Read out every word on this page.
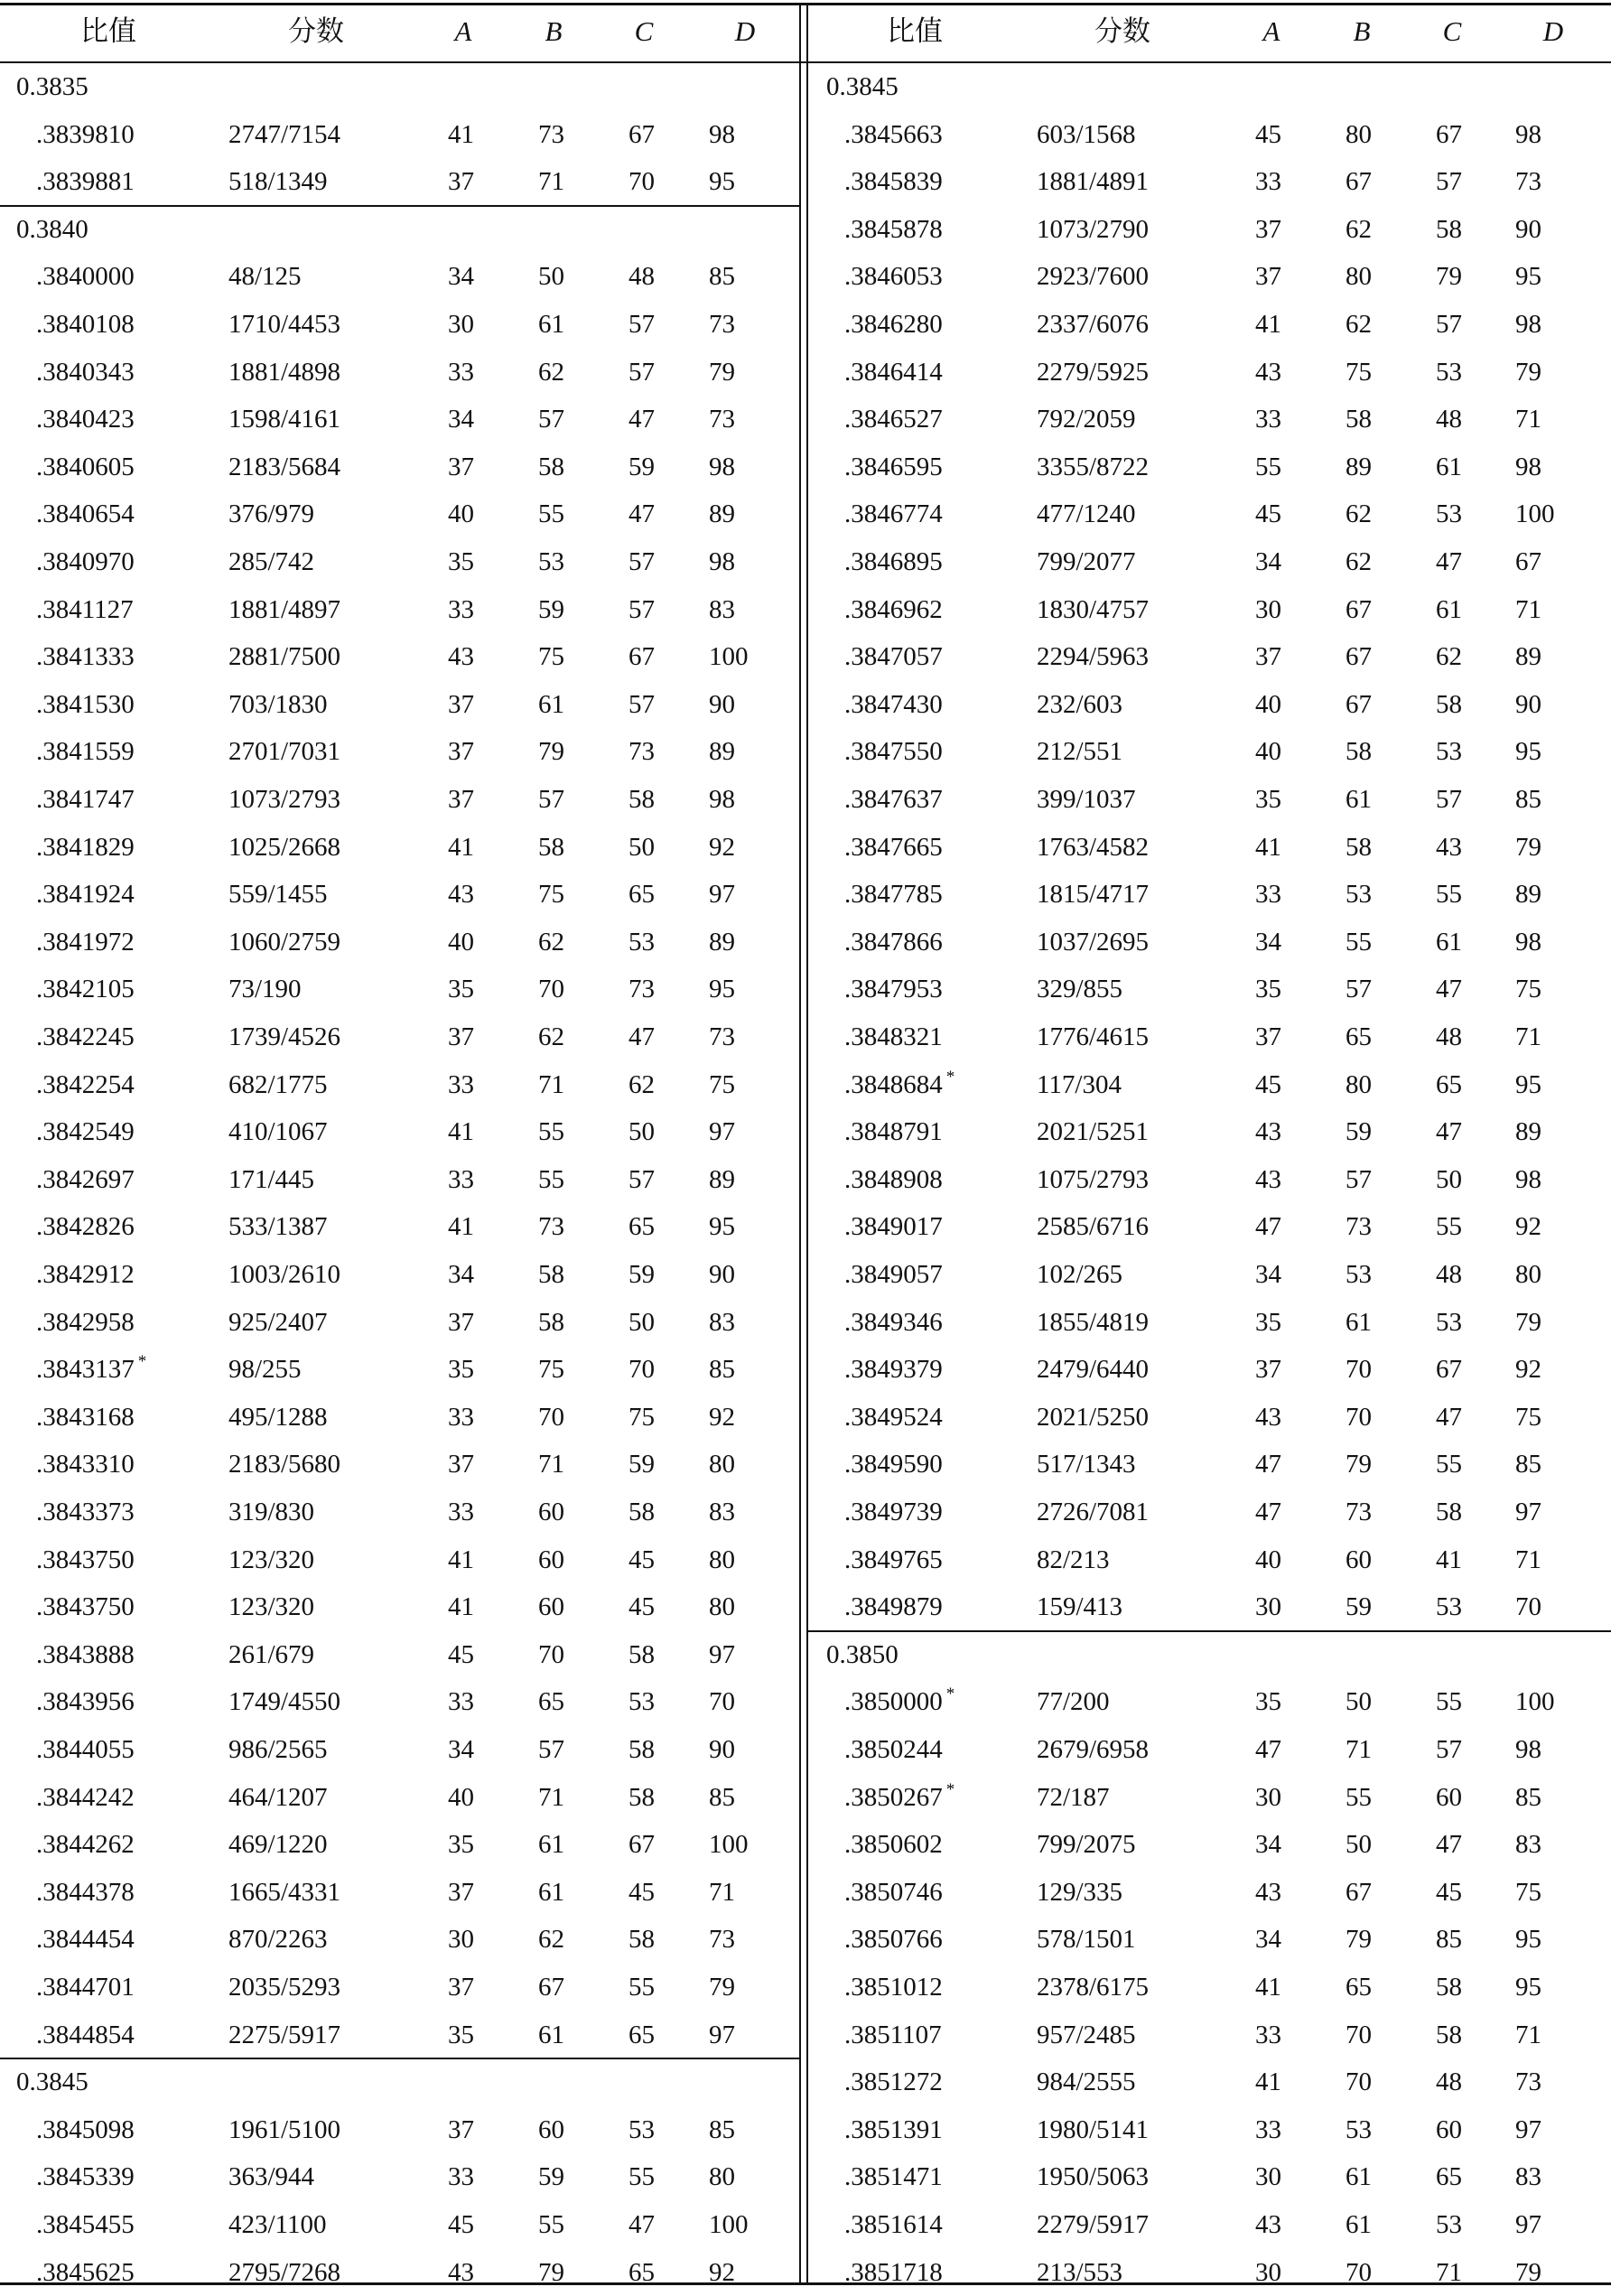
比值	分数	A	B	C	D	比值	分数	A	B	C	D
0.3835
.3839810	2747/7154	41 73 67 98
.3839881	518/1349	37 71 70 95
0.3840
.3840000	48/125	34 50 48 85
.3840108	1710/4453	30 61 57 73
.3840343	1881/4898	33 62 57 79
.3840423	1598/4161	34 57 47 73
.3840605	2183/5684	37 58 59 98
.3840654	376/979	40 55 47 89
.3840970	285/742	35 53 57 98
.3841127	1881/4897	33 59 57 83
.3841333	2881/7500	43 75 67 100
.3841530	703/1830	37 61 57 90
.3841559	2701/7031	37 79 73 89
.3841747	1073/2793	37 57 58 98
.3841829	1025/2668	41 58 50 92
.3841924	559/1455	43 75 65 97
.3841972	1060/2759	40 62 53 89
.3842105	73/190	35 70 73 95
.3842245	1739/4526	37 62 47 73
.3842254	682/1775	33 71 62 75
.3842549	410/1067	41 55 50 97
.3842697	171/445	33 55 57 89
.3842826	533/1387	41 73 65 95
.3842912	1003/2610	34 58 59 90
.3842958	925/2407	37 58 50 83
.3843137 *	98/255	35 75 70 85
.3843168	495/1288	33 70 75 92
.3843310	2183/5680	37 71 59 80
.3843373	319/830	33 60 58 83
.3843750	123/320	41 60 45 80
.3843750	123/320	41 60 45 80
.3843888	261/679	45 70 58 97
.3843956	1749/4550	33 65 53 70
.3844055	986/2565	34 57 58 90
.3844242	464/1207	40 71 58 85
.3844262	469/1220	35 61 67 100
.3844378	1665/4331	37 61 45 71
.3844454	870/2263	30 62 58 73
.3844701	2035/5293	37 67 55 79
.3844854	2275/5917	35 61 65 97
0.3845
.3845098	1961/5100	37 60 53 85
.3845339	363/944	33 59 55 80
.3845455	423/1100	45 55 47 100
.3845625	2795/7268	43 79 65 92
0.3845
.3845663	603/1568	45 80 67 98
.3845839	1881/4891	33 67 57 73
.3845878	1073/2790	37 62 58 90
.3846053	2923/7600	37 80 79 95
.3846280	2337/6076	41 62 57 98
.3846414	2279/5925	43 75 53 79
.3846527	792/2059	33 58 48 71
.3846595	3355/8722	55 89 61 98
.3846774	477/1240	45 62 53 100
.3846895	799/2077	34 62 47 67
.3846962	1830/4757	30 67 61 71
.3847057	2294/5963	37 67 62 89
.3847430	232/603	40 67 58 90
.3847550	212/551	40 58 53 95
.3847637	399/1037	35 61 57 85
.3847665	1763/4582	41 58 43 79
.3847785	1815/4717	33 53 55 89
.3847866	1037/2695	34 55 61 98
.3847953	329/855	35 57 47 75
.3848321	1776/4615	37 65 48 71
.3848684 *	117/304	45 80 65 95
.3848791	2021/5251	43 59 47 89
.3848908	1075/2793	43 57 50 98
.3849017	2585/6716	47 73 55 92
.3849057	102/265	34 53 48 80
.3849346	1855/4819	35 61 53 79
.3849379	2479/6440	37 70 67 92
.3849524	2021/5250	43 70 47 75
.3849590	517/1343	47 79 55 85
.3849739	2726/7081	47 73 58 97
.3849765	82/213	40 60 41 71
.3849879	159/413	30 59 53 70
0.3850
.3850000 *	77/200	35 50 55 100
.3850244	2679/6958	47 71 57 98
.3850267 *	72/187	30 55 60 85
.3850602	799/2075	34 50 47 83
.3850746	129/335	43 67 45 75
.3850766	578/1501	34 79 85 95
.3851012	2378/6175	41 65 58 95
.3851107	957/2485	33 70 58 71
.3851272	984/2555	41 70 48 73
.3851391	1980/5141	33 53 60 97
.3851471	1950/5063	30 61 65 83
.3851614	2279/5917	43 61 53 97
.3851718	213/553	30 70 71 79
